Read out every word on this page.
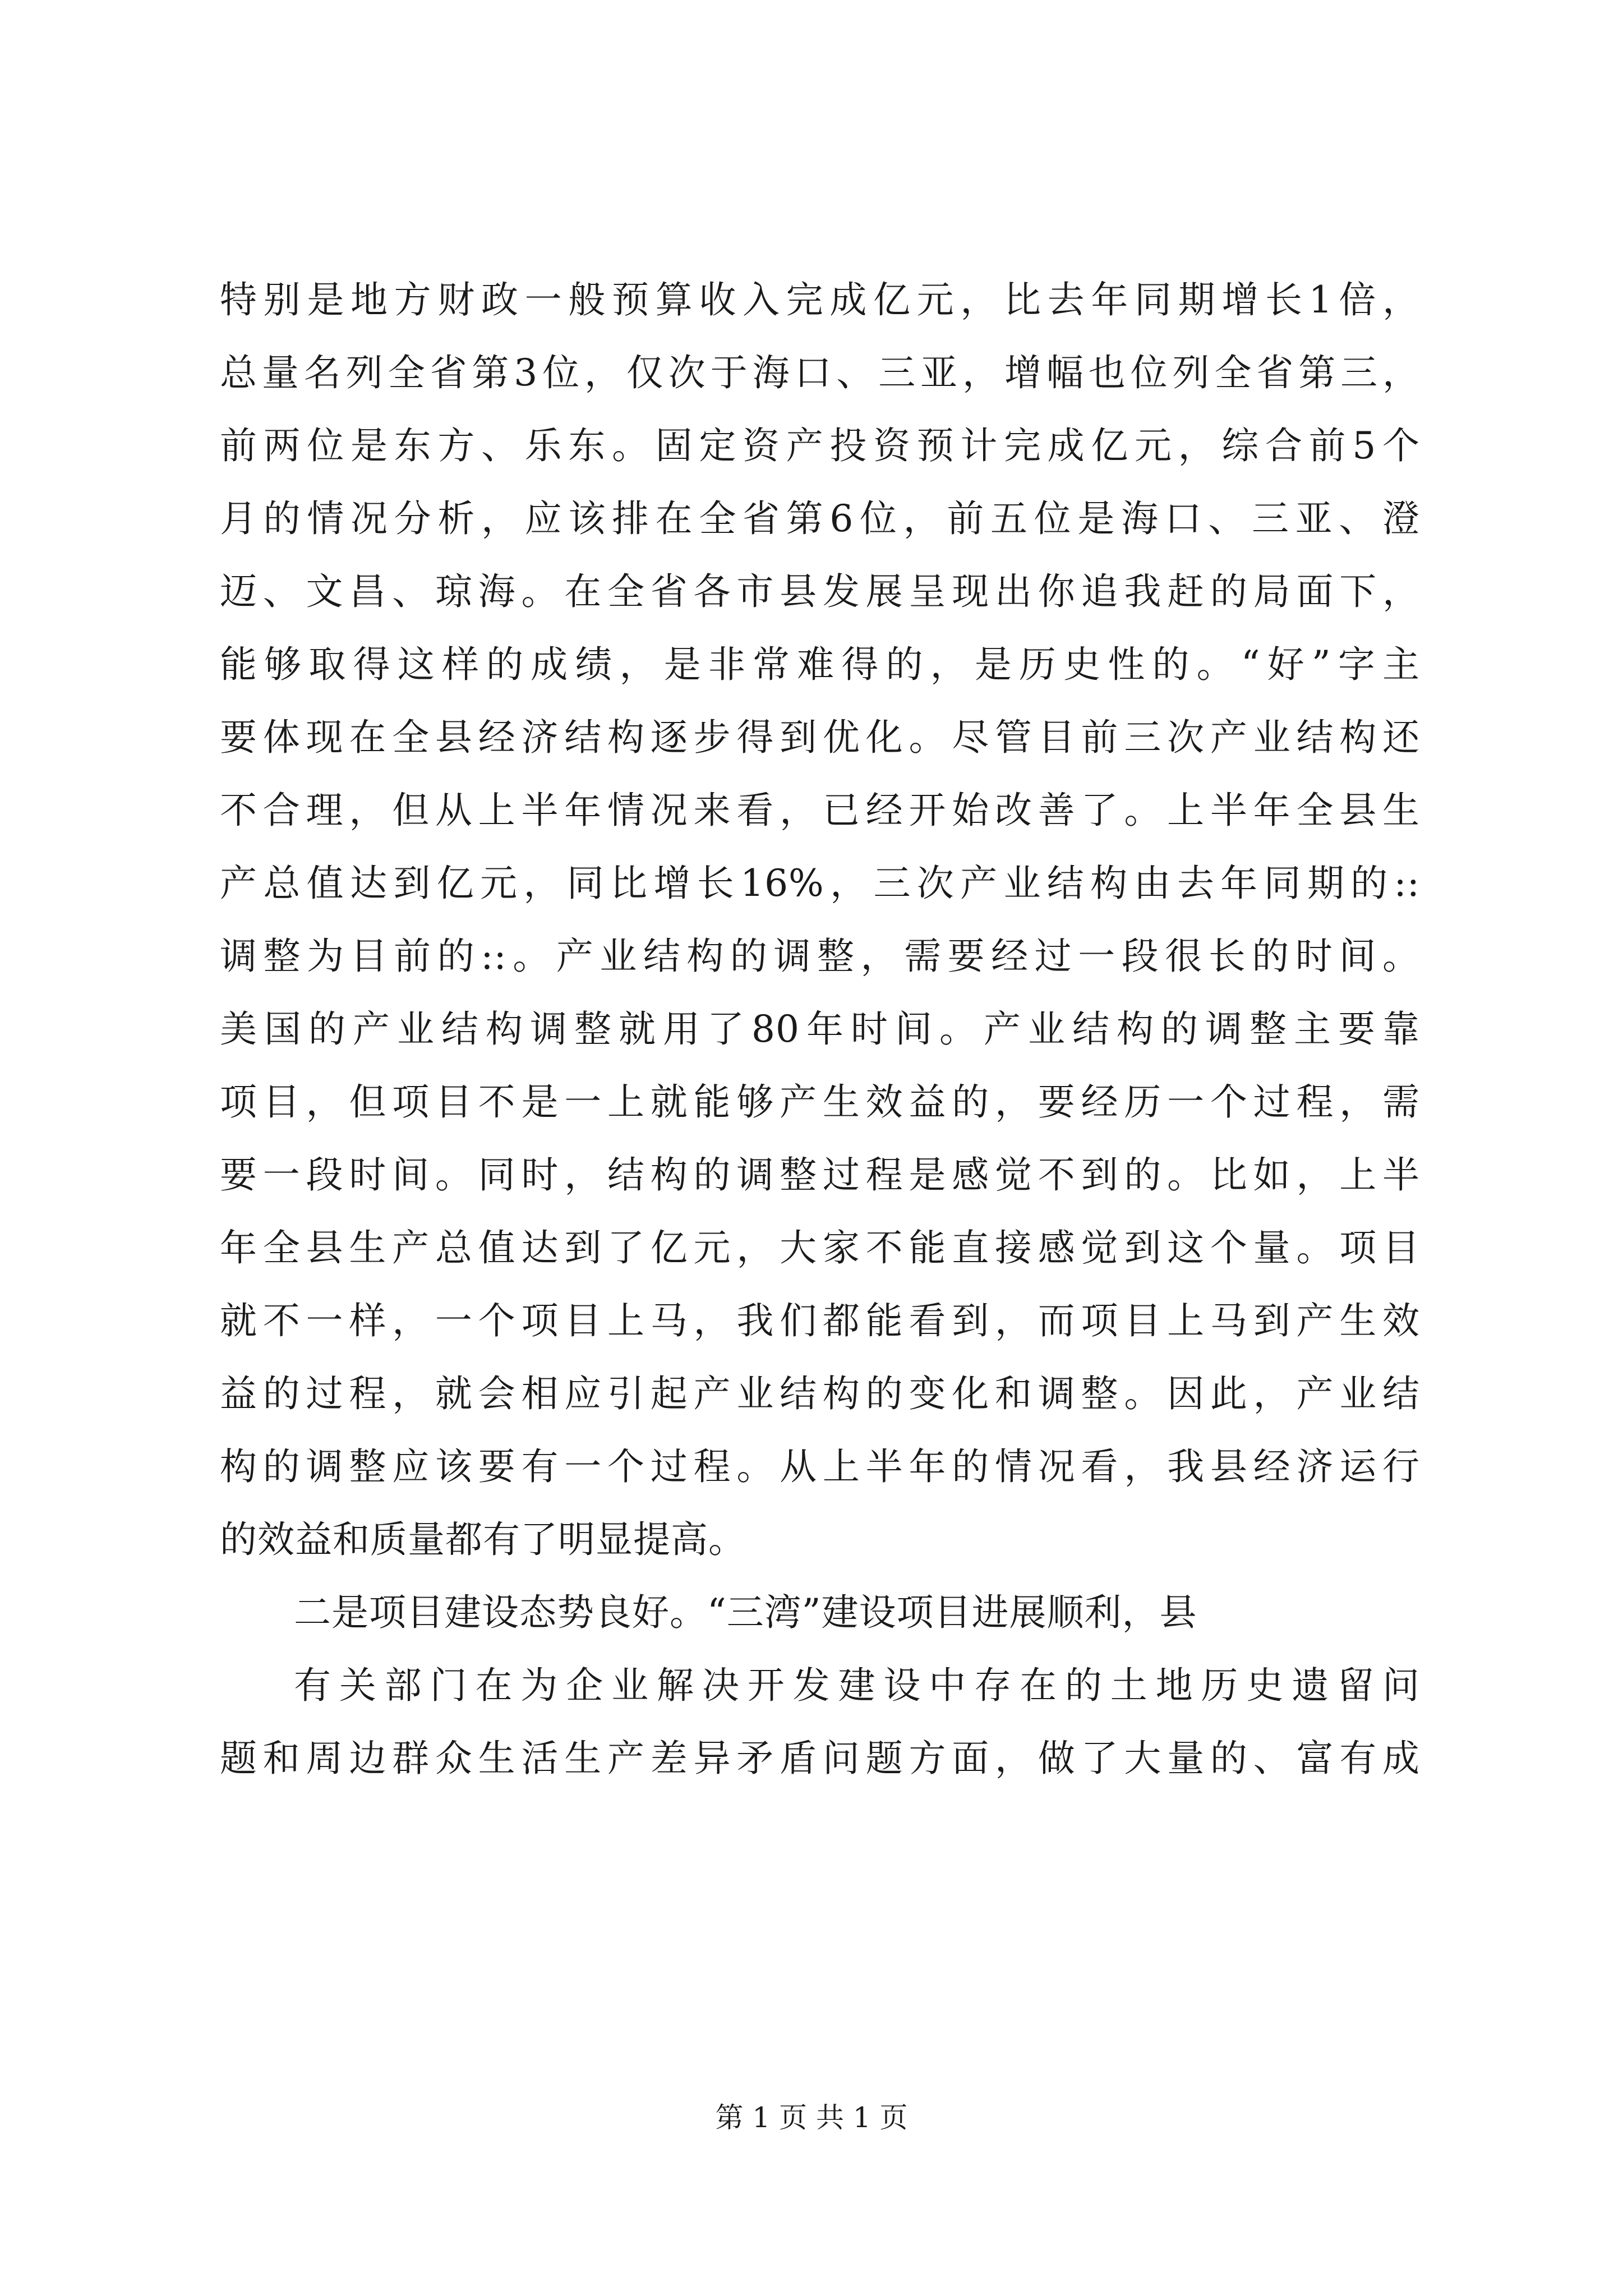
特别是地方财政一般预算收入完成亿元，比去年同期增长1倍，
总量名列全省第3位，仅次于海口、三亚，增幅也位列全省第三，
前两位是东方、乐东。固定资产投资预计完成亿元，综合前5个
月的情况分析，应该排在全省第6位，前五位是海口、三亚、澄
迈、文昌、琼海。在全省各市县发展呈现出你追我赶的局面下，
能够取得这样的成绩，是非常难得的，是历史性的。“好”字主
要体现在全县经济结构逐步得到优化。尽管目前三次产业结构还
不合理，但从上半年情况来看，已经开始改善了。上半年全县生
产总值达到亿元，同比增长16%，三次产业结构由去年同期的::
调整为目前的::。产业结构的调整，需要经过一段很长的时间。
美国的产业结构调整就用了80年时间。产业结构的调整主要靠
项目，但项目不是一上就能够产生效益的，要经历一个过程，需
要一段时间。同时，结构的调整过程是感觉不到的。比如，上半
年全县生产总值达到了亿元，大家不能直接感觉到这个量。项目
就不一样，一个项目上马，我们都能看到，而项目上马到产生效
益的过程，就会相应引起产业结构的变化和调整。因此，产业结
构的调整应该要有一个过程。从上半年的情况看，我县经济运行
的效益和质量都有了明显提高。
二是项目建设态势良好。“三湾”建设项目进展顺利，县
有关部门在为企业解决开发建设中存在的土地历史遗留问
题和周边群众生活生产差异矛盾问题方面，做了大量的、富有成
第 1 页 共 1 页
